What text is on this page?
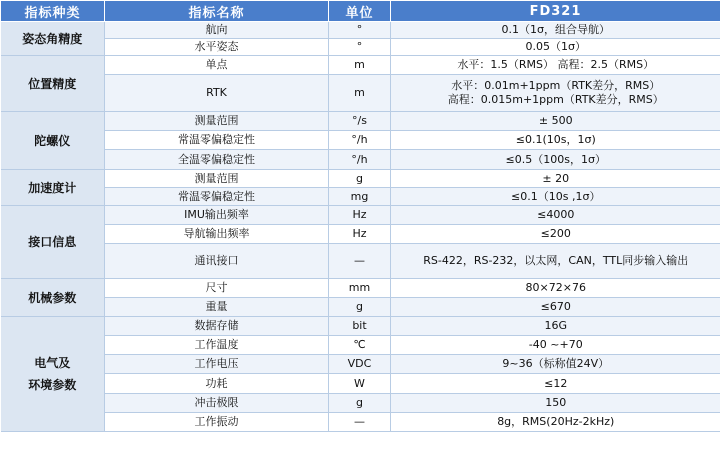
指标种类	指标名称	单位	FD321

姿态角精度	航向	°	0.1（1σ，组合导航）

	水平姿态	°	0.05（1σ）

位置精度	单点	m	水平：1.5（RMS） 高程：2.5（RMS）

	RTK	m	水平：0.01m+1ppm（RTK差分，RMS）
高程：0.015m+1ppm（RTK差分，RMS）

陀螺仪	测量范围	°/s	± 500

	常温零偏稳定性	°/h	≤0.1(10s，1σ)

	全温零偏稳定性	°/h	≤0.5（100s，1σ）

加速度计	测量范围	g	± 20

	常温零偏稳定性	mg	≤0.1（10s ,1σ）

接口信息	IMU输出频率	Hz	≤4000

	导航输出频率	Hz	≤200

	通讯接口	—	RS-422，RS-232，以太网，CAN，TTL同步输入输出

机械参数	尺寸	mm	80×72×76

	重量	g	≤670

电气及
环境参数	数据存储	bit	16G

	工作温度	℃	-40 ~+70

	工作电压	VDC	9~36（标称值24V）

	功耗	W	≤12

	冲击极限	g	150

	工作振动	—	8g，RMS(20Hz-2kHz)
